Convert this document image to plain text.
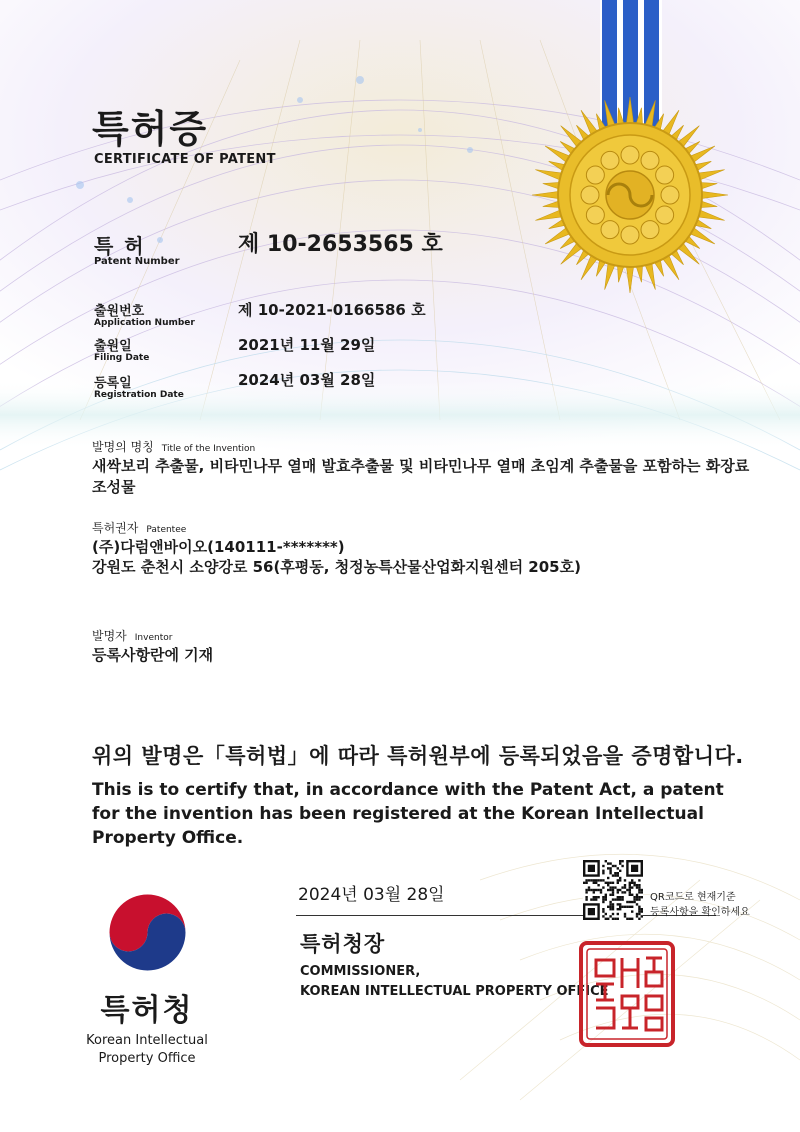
특허증
CERTIFICATE OF PATENT
특 허
Patent Number
제 10-2653565 호
출원번호
Application Number
제 10-2021-0166586 호
출원일
Filing Date
2021년 11월 29일
등록일
Registration Date
2024년 03월 28일
발명의 명칭 Title of the Invention
새싹보리 추출물, 비타민나무 열매 발효추출물 및 비타민나무 열매 초임계 추출물을 포함하는 화장료
조성물
특허권자 Patentee
(주)다럼앤바이오(140111-*******)
강원도 춘천시 소양강로 56(후평동, 청정농특산물산업화지원센터 205호)
발명자 Inventor
등록사항란에 기재
위의 발명은「특허법」에 따라 특허원부에 등록되었음을 증명합니다.
This is to certify that, in accordance with the Patent Act, a patent for the invention has been registered at the Korean Intellectual Property Office.
2024년 03월 28일
특허청장
COMMISSIONER,
KOREAN INTELLECTUAL PROPERTY OFFICE
QR코드로 현재기준
등록사항을 확인하세요
특허청
Korean Intellectual
Property Office
